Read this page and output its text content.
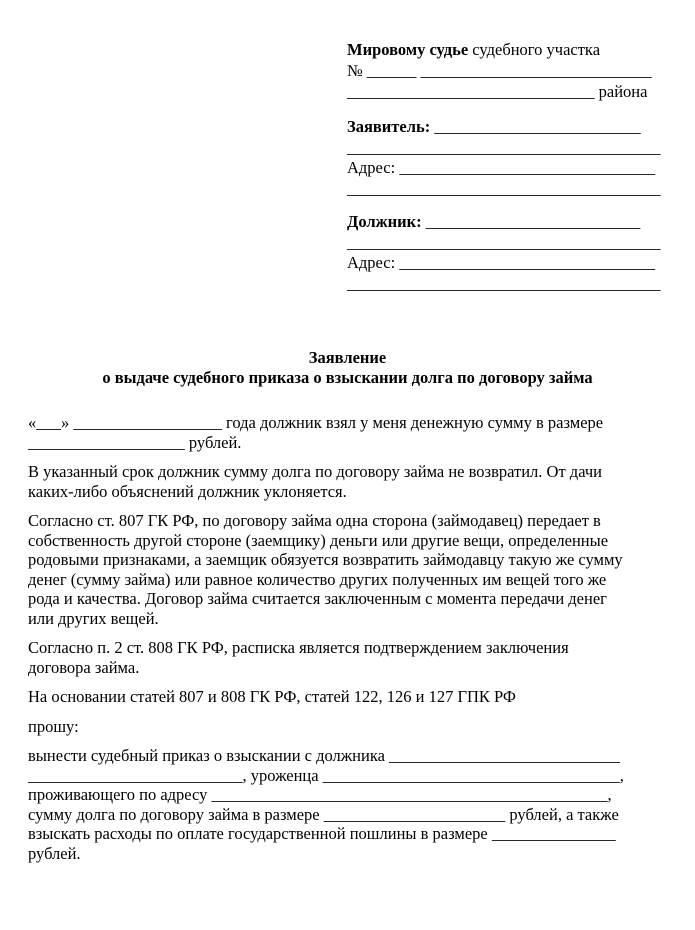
Мировому судье судебного участка
№ ______ ____________________________
______________________________ района
Заявитель: _________________________
______________________________________
Адрес: _______________________________
______________________________________
Должник: __________________________
______________________________________
Адрес: _______________________________
______________________________________
Заявление
о выдаче судебного приказа о взыскании долга по договору займа
«___» __________________ года должник взял у меня денежную сумму в размере
___________________ рублей.
В указанный срок должник сумму долга по договору займа не возвратил. От дачи
каких-либо объяснений должник уклоняется.
Согласно ст. 807 ГК РФ, по договору займа одна сторона (займодавец) передает в
собственность другой стороне (заемщику) деньги или другие вещи, определенные
родовыми признаками, а заемщик обязуется возвратить займодавцу такую же сумму
денег (сумму займа) или равное количество других полученных им вещей того же
рода и качества. Договор займа считается заключенным с момента передачи денег
или других вещей.
Согласно п. 2 ст. 808 ГК РФ, расписка является подтверждением заключения
договора займа.
На основании статей 807 и 808 ГК РФ, статей 122, 126 и 127 ГПК РФ
прошу:
вынести судебный приказ о взыскании с должника ____________________________
__________________________, уроженца ____________________________________,
проживающего по адресу ________________________________________________,
сумму долга по договору займа в размере ______________________ рублей, а также
взыскать расходы по оплате государственной пошлины в размере _______________
рублей.
